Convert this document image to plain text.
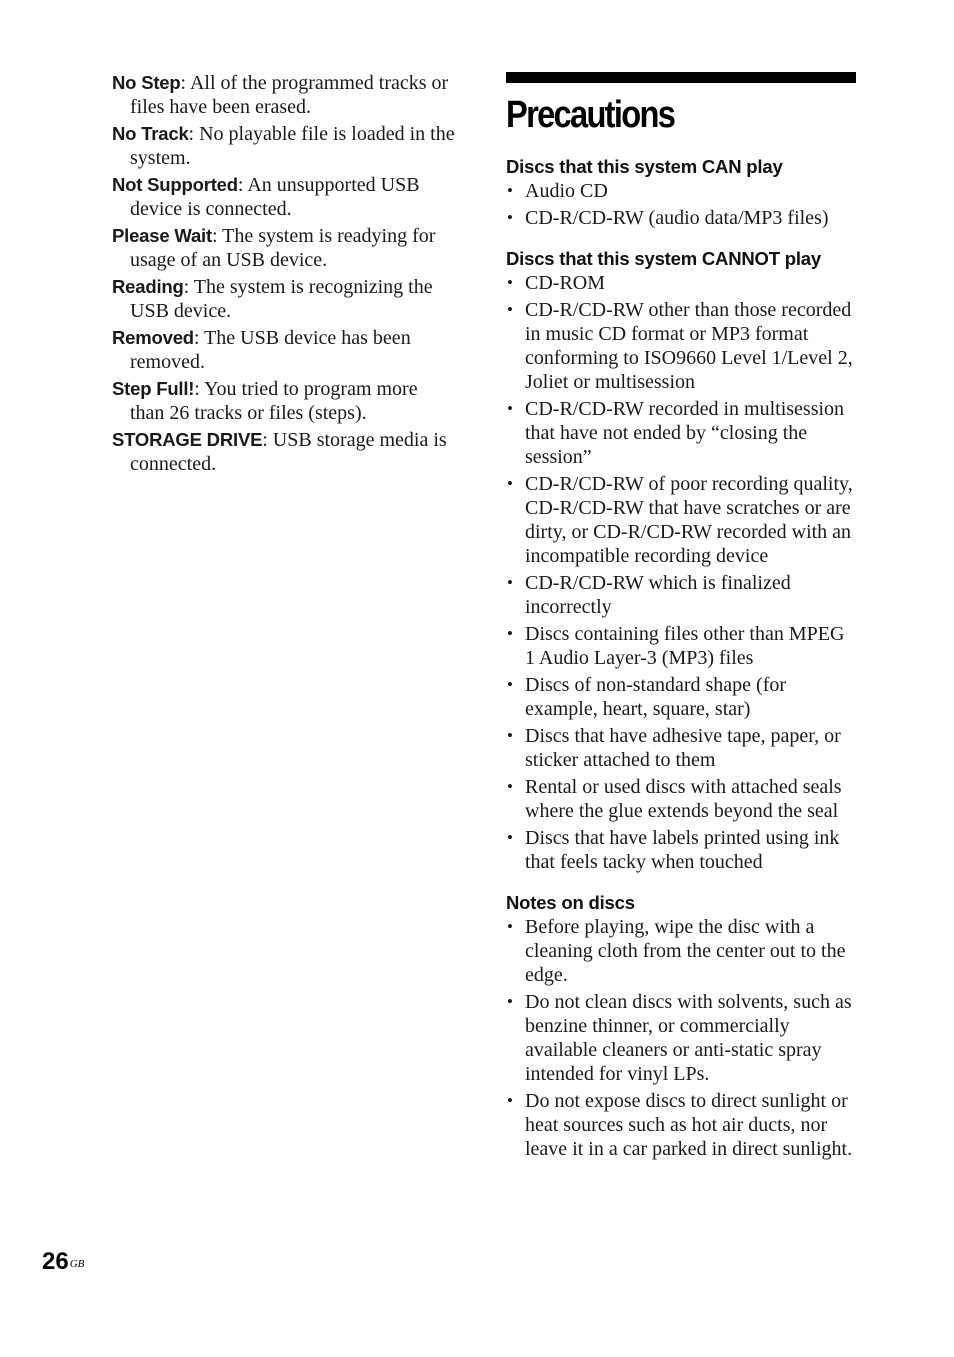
No Step: All of the programmed tracks or files have been erased.
No Track: No playable file is loaded in the system.
Not Supported: An unsupported USB device is connected.
Please Wait: The system is readying for usage of an USB device.
Reading: The system is recognizing the USB device.
Removed: The USB device has been removed.
Step Full!: You tried to program more than 26 tracks or files (steps).
STORAGE DRIVE: USB storage media is connected.
Precautions
Discs that this system CAN play
• Audio CD
• CD-R/CD-RW (audio data/MP3 files)
Discs that this system CANNOT play
• CD-ROM
• CD-R/CD-RW other than those recorded in music CD format or MP3 format conforming to ISO9660 Level 1/Level 2, Joliet or multisession
• CD-R/CD-RW recorded in multisession that have not ended by “closing the session”
• CD-R/CD-RW of poor recording quality, CD-R/CD-RW that have scratches or are dirty, or CD-R/CD-RW recorded with an incompatible recording device
• CD-R/CD-RW which is finalized incorrectly
• Discs containing files other than MPEG 1 Audio Layer-3 (MP3) files
• Discs of non-standard shape (for example, heart, square, star)
• Discs that have adhesive tape, paper, or sticker attached to them
• Rental or used discs with attached seals where the glue extends beyond the seal
• Discs that have labels printed using ink that feels tacky when touched
Notes on discs
• Before playing, wipe the disc with a cleaning cloth from the center out to the edge.
• Do not clean discs with solvents, such as benzine thinner, or commercially available cleaners or anti-static spray intended for vinyl LPs.
• Do not expose discs to direct sunlight or heat sources such as hot air ducts, nor leave it in a car parked in direct sunlight.
$26^{GB}$
